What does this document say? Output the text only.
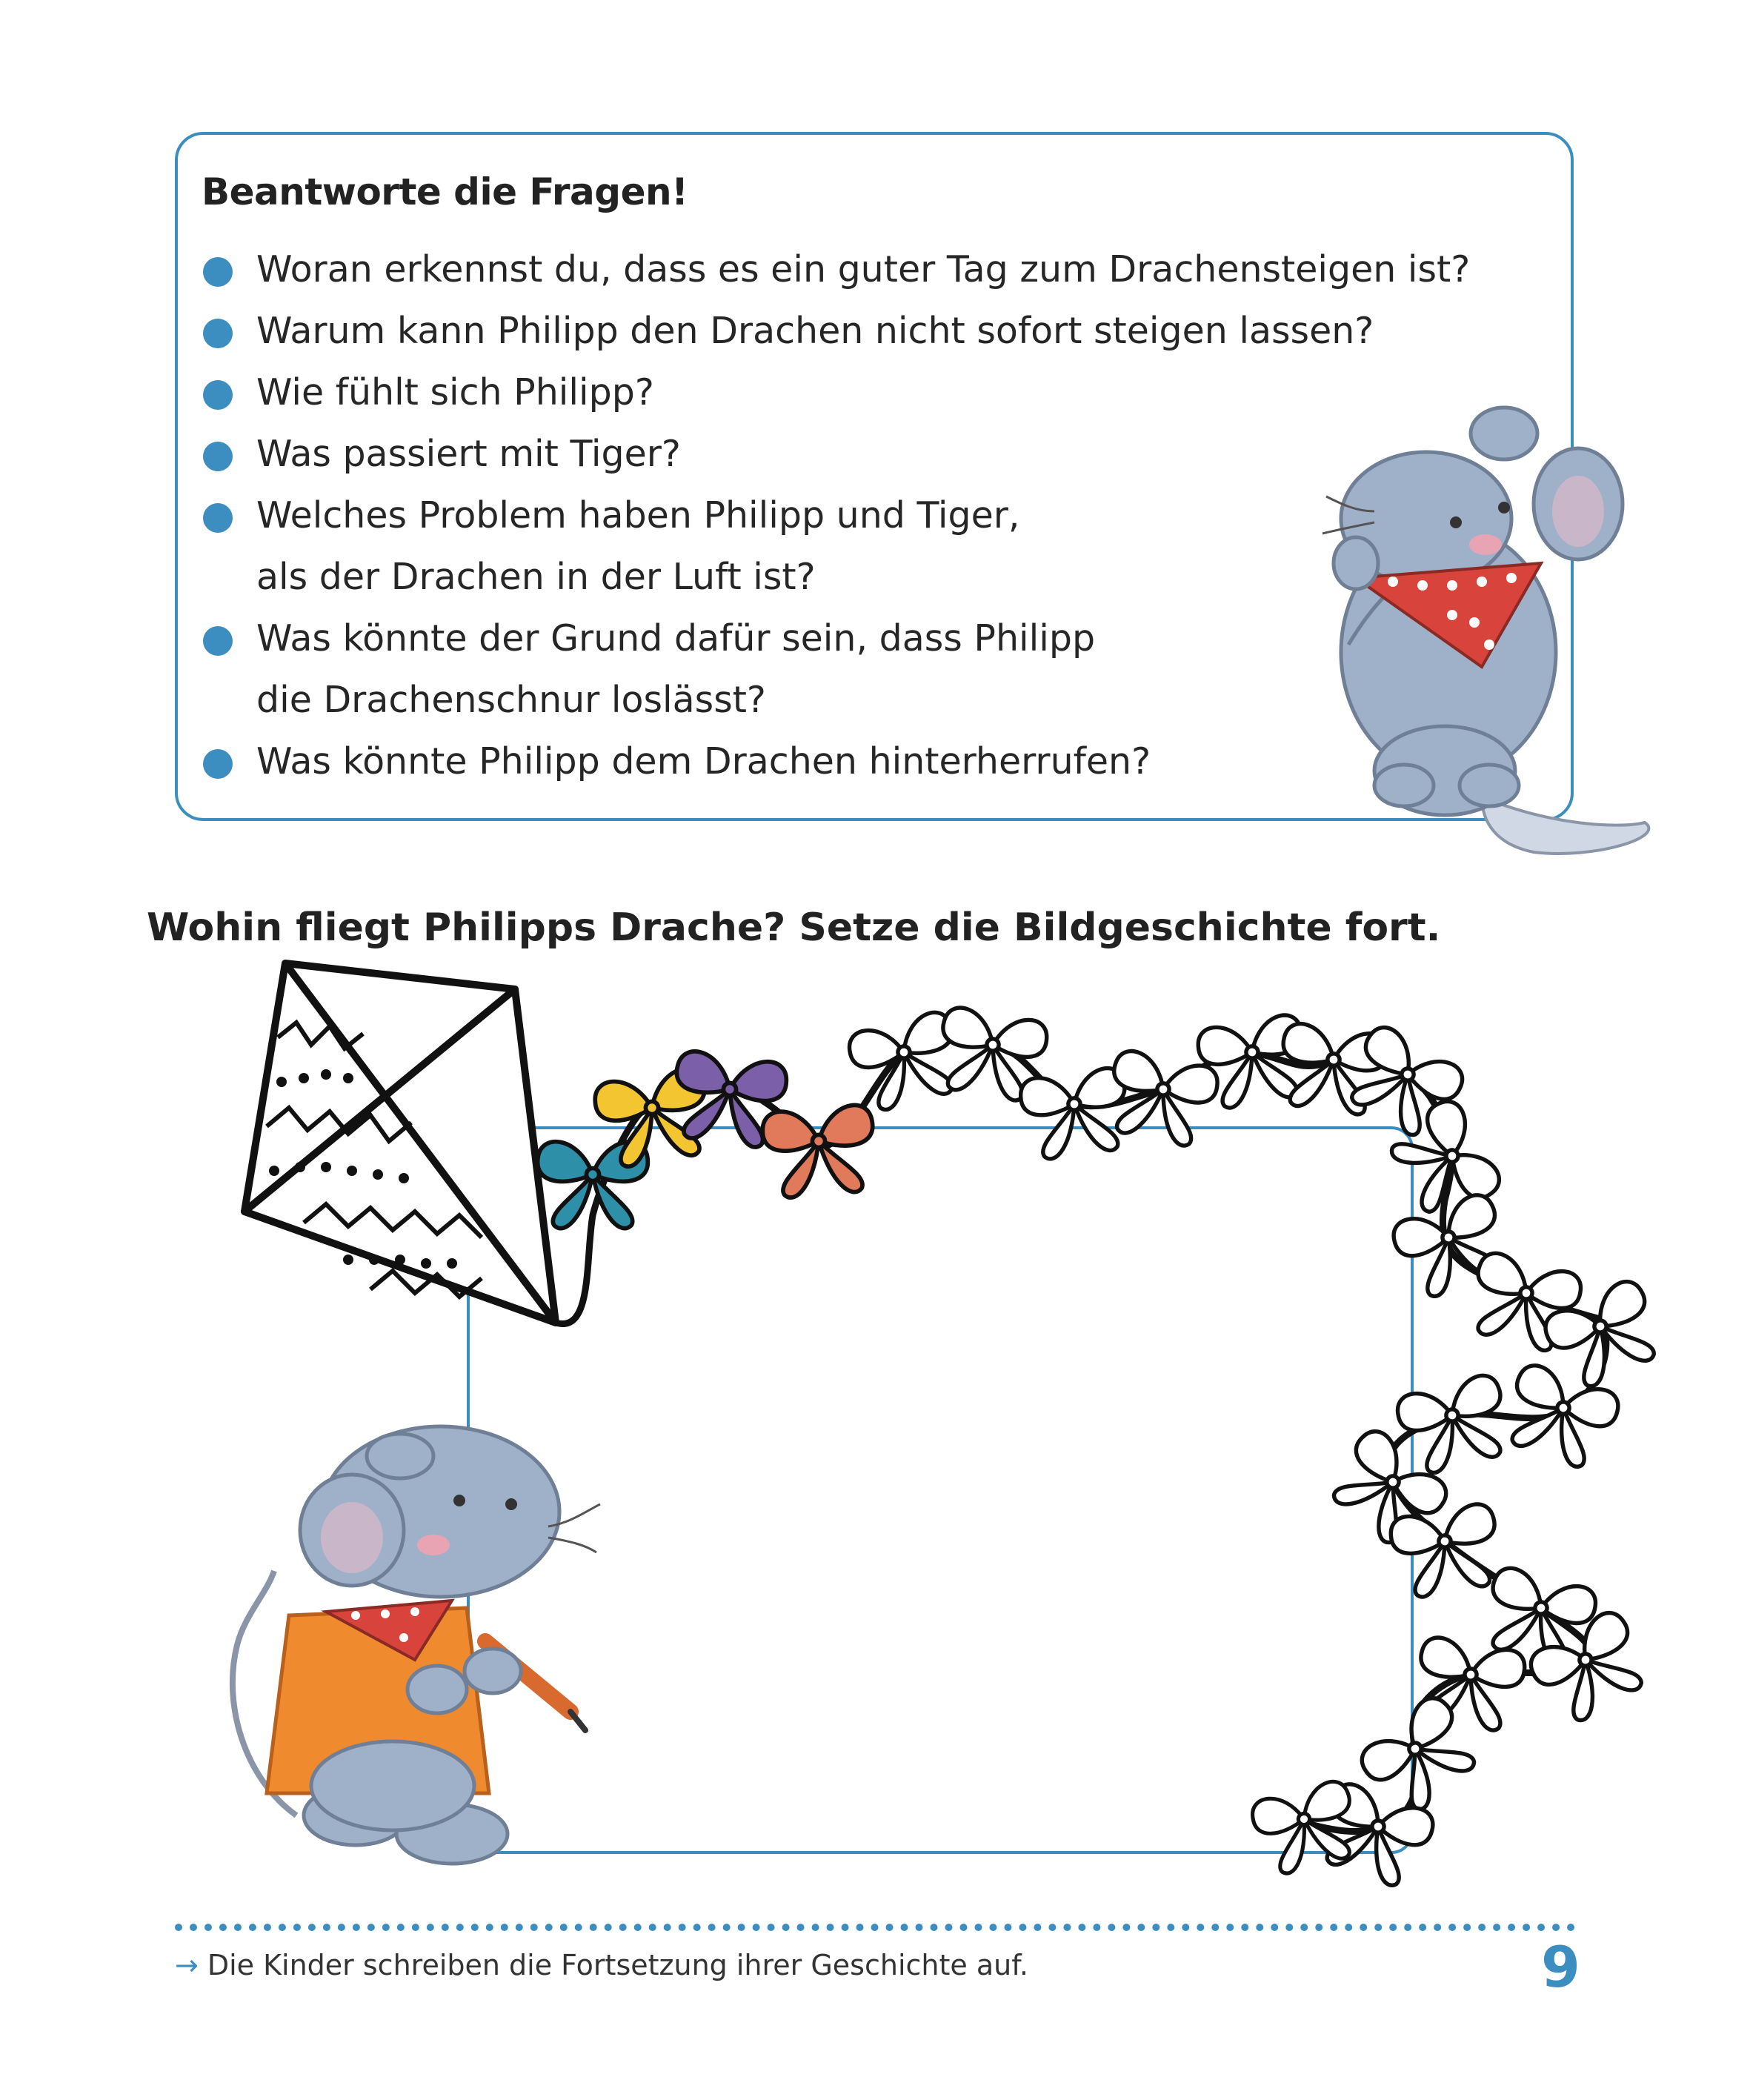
Beantworte die Fragen!
Woran erkennst du, dass es ein guter Tag zum Drachensteigen ist?
Warum kann Philipp den Drachen nicht sofort steigen lassen?
Wie fühlt sich Philipp?
Was passiert mit Tiger?
Welches Problem haben Philipp und Tiger,
als der Drachen in der Luft ist?
Was könnte der Grund dafür sein, dass Philipp
die Drachenschnur loslässt?
Was könnte Philipp dem Drachen hinterherrufen?
Wohin fliegt Philipps Drache? Setze die Bildgeschichte fort.
→ Die Kinder schreiben die Fortsetzung ihrer Geschichte auf.	9
